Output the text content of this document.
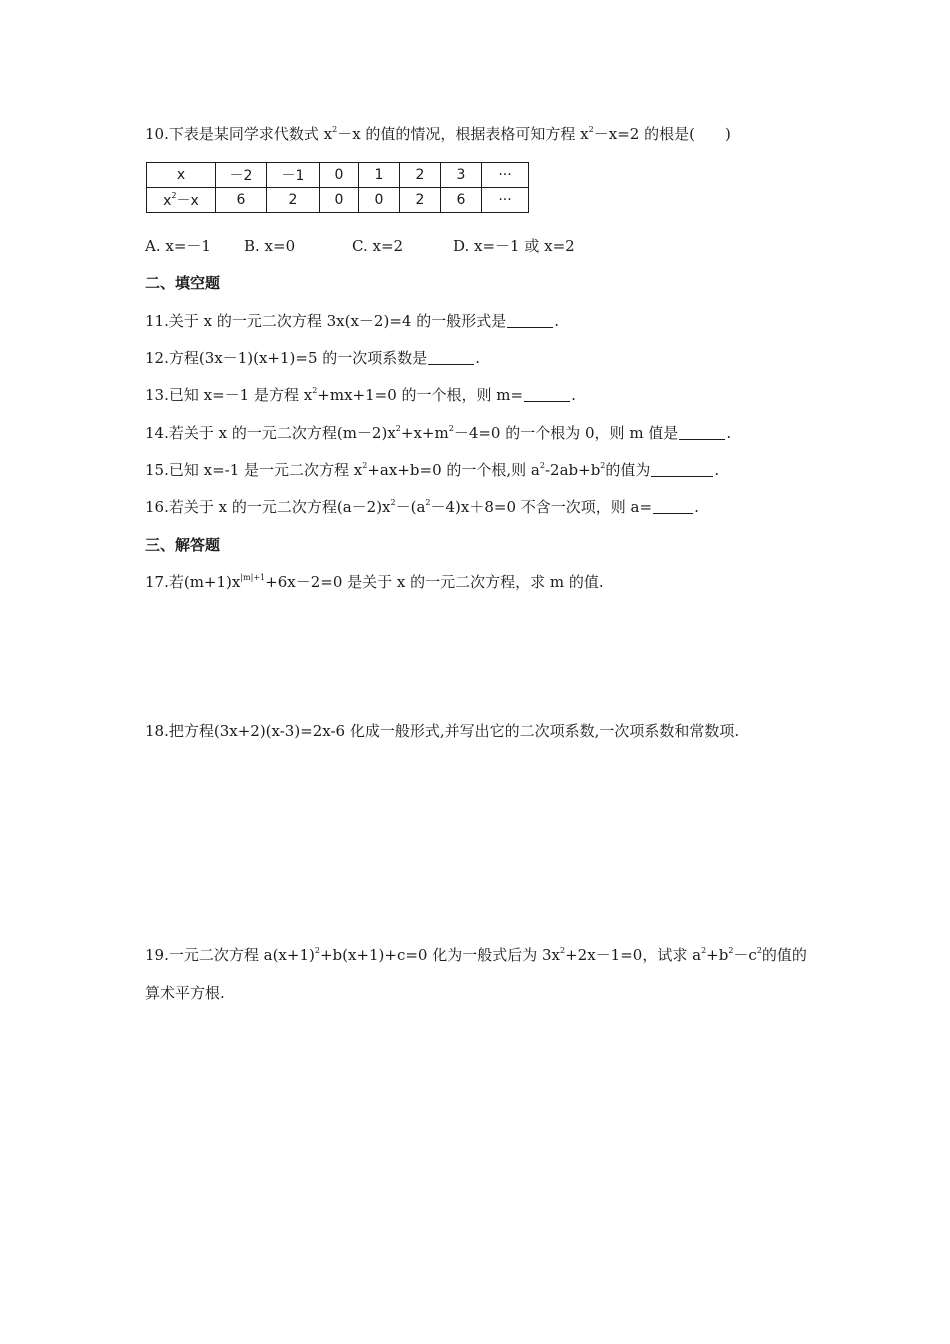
10.下表是某同学求代数式 $x^2-x$ 的值的情况，根据表格可知方程 $x^2-x=2$ 的根是(　　)
x	－2	－1	0	1	2	3	···
$x^2-x$	6	2	0	0	2	6	···
A. x=－1 B. x=0	C. x=2	D. x=－1 或 x=2
二、填空题
11.关于 x 的一元二次方程 3x(x－2)=4 的一般形式是	.
12.方程(3x－1)(x+1)=5 的一次项系数是	.
13.已知 x=－1 是方程 $x^2+mx+1=0$ 的一个根，则 m=	.
14.若关于 x 的一元二次方程$(m-2)x^2+x+m^2-4=0$ 的一个根为 0，则 m 值是	.
15.已知 x=-1 是一元二次方程 $x^2+ax+b=0$ 的一个根,则 $a^2-2ab+b^2$的值为	.
16.若关于 x 的一元二次方程$(a-2)x^2-(a^2-4)x+8=0$ 不含一次项，则 a=	.
三、解答题
17.若$(m+1)x^{|m|+1}+6x-2=0$ 是关于 x 的一元二次方程，求 m 的值.
18.把方程(3x+2)(x-3)=2x-6 化成一般形式,并写出它的二次项系数,一次项系数和常数项.
19.一元二次方程 $a(x+1)^2+b(x+1)+c=0$ 化为一般式后为 $3x^2+2x-1=0$，试求 $a^2+b^2-c^2$的值的
算术平方根.
